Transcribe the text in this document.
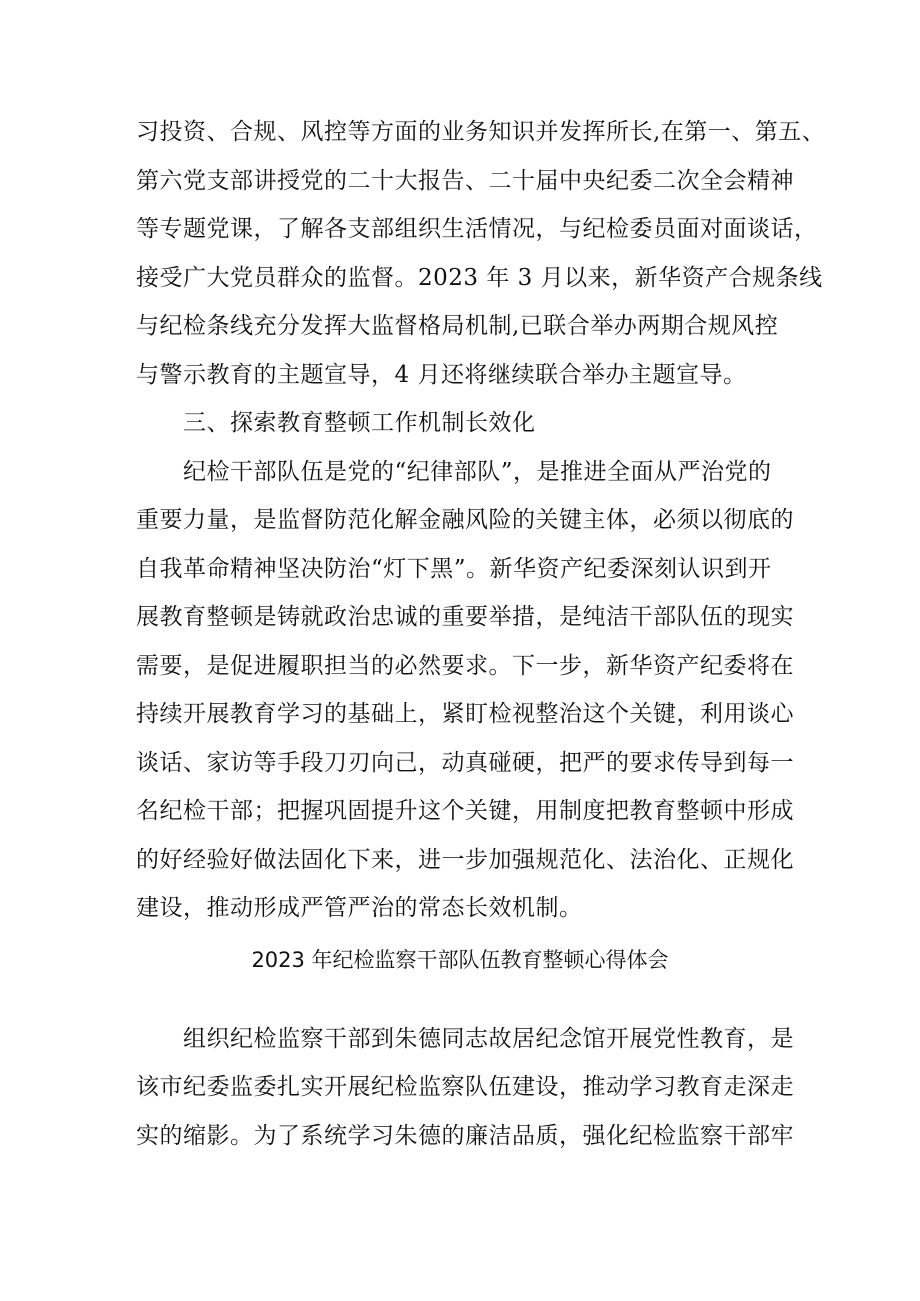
习投资、合规、风控等方面的业务知识并发挥所长,在第一、第五、
第六党支部讲授党的二十大报告、二十届中央纪委二次全会精神
等专题党课，了解各支部组织生活情况，与纪检委员面对面谈话，
接受广大党员群众的监督。2023 年 3 月以来，新华资产合规条线
与纪检条线充分发挥大监督格局机制,已联合举办两期合规风控
与警示教育的主题宣导，4 月还将继续联合举办主题宣导。
三、探索教育整顿工作机制长效化
纪检干部队伍是党的“纪律部队”，是推进全面从严治党的
重要力量，是监督防范化解金融风险的关键主体，必须以彻底的
自我革命精神坚决防治“灯下黑”。新华资产纪委深刻认识到开
展教育整顿是铸就政治忠诚的重要举措，是纯洁干部队伍的现实
需要，是促进履职担当的必然要求。下一步，新华资产纪委将在
持续开展教育学习的基础上，紧盯检视整治这个关键，利用谈心
谈话、家访等手段刀刃向己，动真碰硬，把严的要求传导到每一
名纪检干部；把握巩固提升这个关键，用制度把教育整顿中形成
的好经验好做法固化下来，进一步加强规范化、法治化、正规化
建设，推动形成严管严治的常态长效机制。
2023 年纪检监察干部队伍教育整顿心得体会
组织纪检监察干部到朱德同志故居纪念馆开展党性教育，是
该市纪委监委扎实开展纪检监察队伍建设，推动学习教育走深走
实的缩影。为了系统学习朱德的廉洁品质，强化纪检监察干部牢
